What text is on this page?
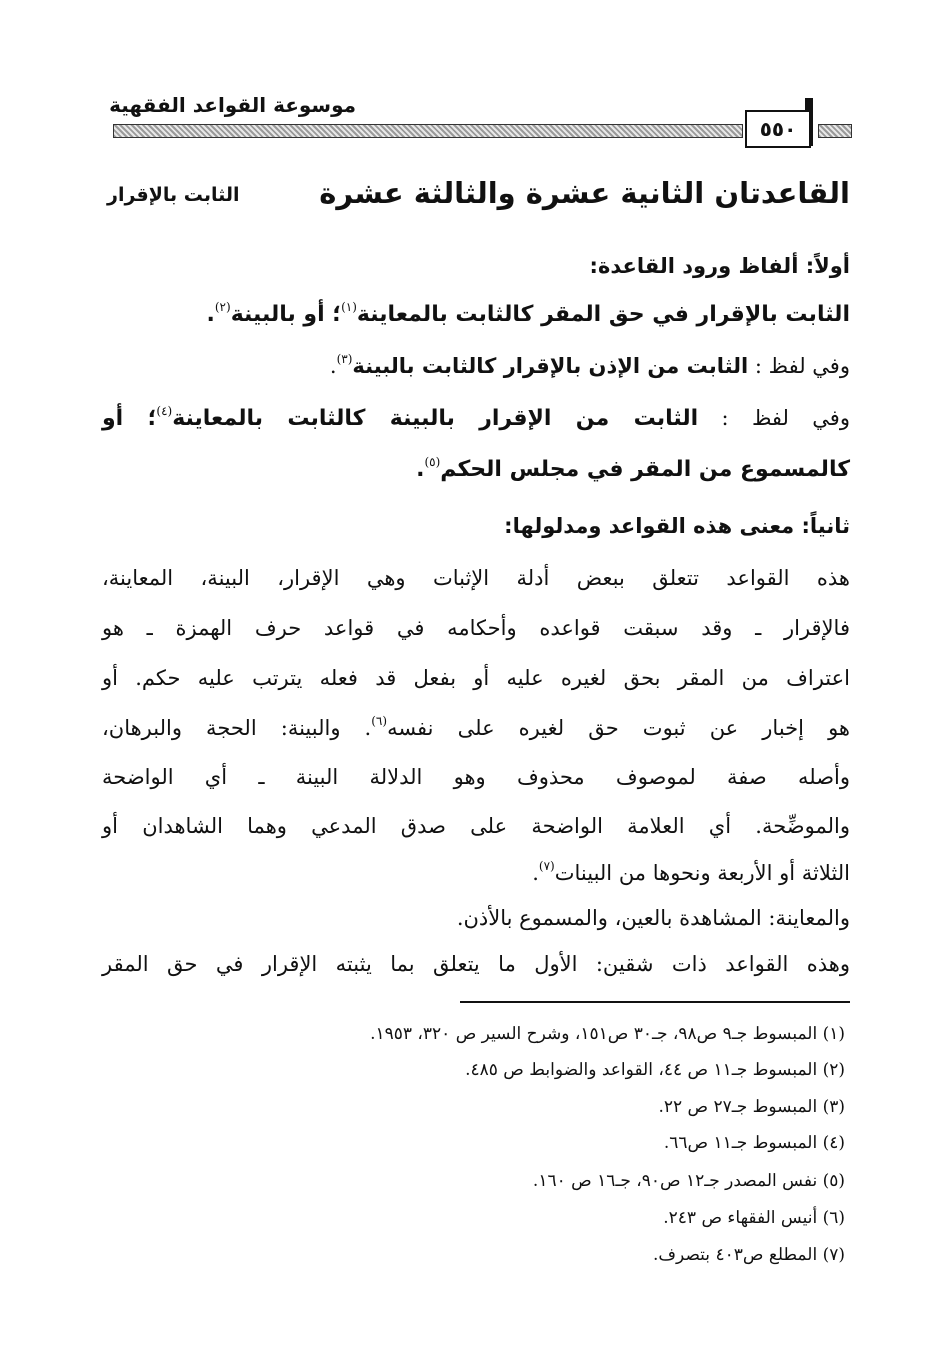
موسوعة القواعد الفقهية
٥٥٠
القاعدتان الثانية عشرة والثالثة عشرة
الثابت بالإقرار
أولاً: ألفاظ ورود القاعدة:
الثابت بالإقرار في حق المقر كالثابت بالمعاينة$^{(١)}$؛ أو بالبينة$^{(٢)}$.
وفي لفظ : الثابت من الإذن بالإقرار كالثابت بالبينة$^{(٣)}$.
وفي لفظ : الثابت من الإقرار بالبينة كالثابت بالمعاينة$^{(٤)}$؛ أو
كالمسموع من المقر في مجلس الحكم$^{(٥)}$.
ثانياً: معنى هذه القواعد ومدلولها:
هذه القواعد تتعلق ببعض أدلة الإثبات وهي الإقرار، البينة، المعاينة،
فالإقرار ـ وقد سبقت قواعده وأحكامه في قواعد حرف الهمزة ـ هو
اعتراف من المقر بحق لغيره عليه أو بفعل قد فعله يترتب عليه حكم. أو
هو إخبار عن ثبوت حق لغيره على نفسه$^{(٦)}$. والبينة: الحجة والبرهان،
وأصله صفة لموصوف محذوف وهو الدلالة البينة ـ أي الواضحة
والموضِّحة. أي العلامة الواضحة على صدق المدعي وهما الشاهدان أو
الثلاثة أو الأربعة ونحوها من البينات$^{(٧)}$.
والمعاينة: المشاهدة بالعين، والمسموع بالأذن.
وهذه القواعد ذات شقين: الأول ما يتعلق بما يثبته الإقرار في حق المقر
(١) المبسوط جـ٩ ص٩٨، جـ٣٠ ص١٥١، وشرح السير ص ٣٢٠، ١٩٥٣.
(٢) المبسوط جـ١١ ص ٤٤، القواعد والضوابط ص ٤٨٥.
(٣) المبسوط جـ٢٧ ص ٢٢.
(٤) المبسوط جـ١١ ص٦٦.
(٥) نفس المصدر جـ١٢ ص٩٠، جـ١٦ ص ١٦٠.
(٦) أنيس الفقهاء ص ٢٤٣.
(٧) المطلع ص٤٠٣ بتصرف.
